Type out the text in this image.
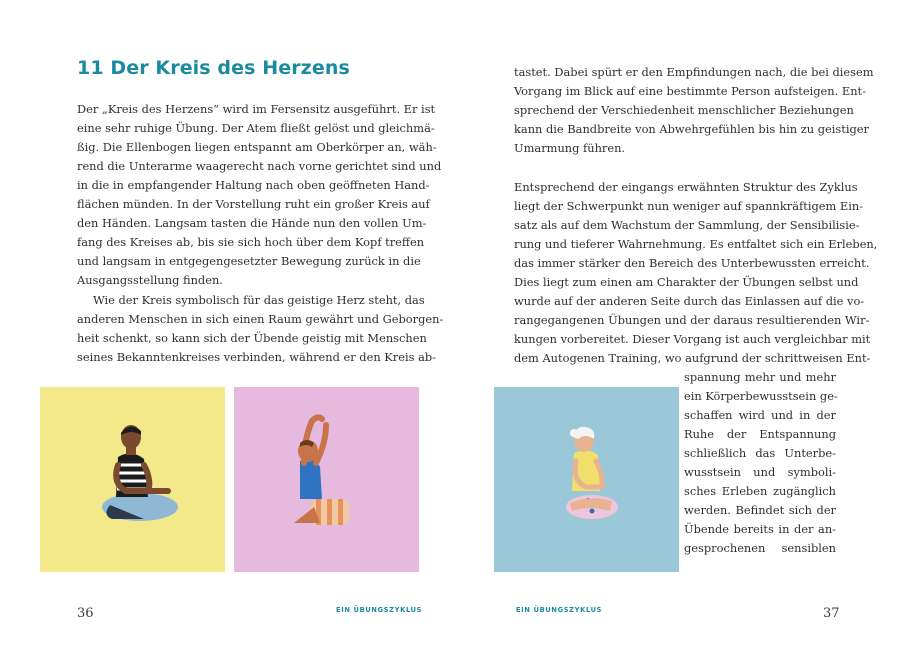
11 Der Kreis des Herzens
Der „Kreis des Herzens“ wird im Fersensitz ausgeführt. Er ist
eine sehr ruhige Übung. Der Atem fließt gelöst und gleichmä-
ßig. Die Ellenbogen liegen entspannt am Oberkörper an, wäh-
rend die Unterarme waagerecht nach vorne gerichtet sind und
in die in empfangender Haltung nach oben geöffneten Hand-
flächen münden. In der Vorstellung ruht ein großer Kreis auf
den Händen. Langsam tasten die Hände nun den vollen Um-
fang des Kreises ab, bis sie sich hoch über dem Kopf treffen
und langsam in entgegengesetzter Bewegung zurück in die
Ausgangsstellung finden.
Wie der Kreis symbolisch für das geistige Herz steht, das
anderen Menschen in sich einen Raum gewährt und Geborgen-
heit schenkt, so kann sich der Übende geistig mit Menschen
seines Bekanntenkreises verbinden, während er den Kreis ab-
EIN ÜBUNGSZYKLUS
36
tastet. Dabei spürt er den Empfindungen nach, die bei diesem
Vorgang im Blick auf eine bestimmte Person aufsteigen. Ent-
sprechend der Verschiedenheit menschlicher Beziehungen
kann die Bandbreite von Abwehrgefühlen bis hin zu geistiger
Umarmung führen.
Entsprechend der eingangs erwähnten Struktur des Zyklus
liegt der Schwerpunkt nun weniger auf spannkräftigem Ein-
satz als auf dem Wachstum der Sammlung, der Sensibilisie-
rung und tieferer Wahrnehmung. Es entfaltet sich ein Erleben,
das immer stärker den Bereich des Unterbewussten erreicht.
Dies liegt zum einen am Charakter der Übungen selbst und
wurde auf der anderen Seite durch das Einlassen auf die vo-
rangegangenen Übungen und der daraus resultierenden Wir-
kungen vorbereitet. Dieser Vorgang ist auch vergleichbar mit
dem Autogenen Training, wo aufgrund der schrittweisen Ent-
spannung mehr und mehr
ein Körperbewusstsein ge-
schaffen wird und in der
Ruhe der Entspannung
schließlich das Unterbe-
wusstsein und symboli-
sches Erleben zugänglich
werden. Befindet sich der
Übende bereits in der an-
gesprochenen sensiblen
EIN ÜBUNGSZYKLUS	37
